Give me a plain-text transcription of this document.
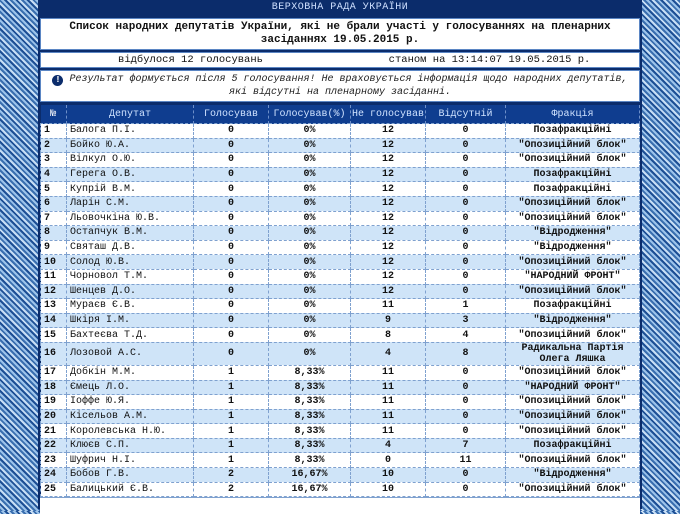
ВЕРХОВНА РАДА УКРАЇНИ
Список народних депутатів України, які не брали участі у голосуваннях на пленарних засіданнях 19.05.2015 р.
відбулося 12 голосувань	станом на 13:14:07 19.05.2015 р.
! Результат формується після 5 голосування! Не враховується інформація щодо народних депутатів, які відсутні на пленарному засіданні.
№	Депутат	Голосував	Голосував(%)	Не голосував	Відсутній	Фракція
1	Балога П.І.	0	0%	12	0	Позафракційні
2	Бойко Ю.А.	0	0%	12	0	"Опозиційний блок"
3	Вілкул О.Ю.	0	0%	12	0	"Опозиційний блок"
4	Герега О.В.	0	0%	12	0	Позафракційні
5	Купрій В.М.	0	0%	12	0	Позафракційні
6	Ларін С.М.	0	0%	12	0	"Опозиційний блок"
7	Льовочкіна Ю.В.	0	0%	12	0	"Опозиційний блок"
8	Остапчук В.М.	0	0%	12	0	"Відродження"
9	Святаш Д.В.	0	0%	12	0	"Відродження"
10	Солод Ю.В.	0	0%	12	0	"Опозиційний блок"
11	Чорновол Т.М.	0	0%	12	0	"НАРОДНИЙ ФРОНТ"
12	Шенцев Д.О.	0	0%	12	0	"Опозиційний блок"
13	Мураєв Є.В.	0	0%	11	1	Позафракційні
14	Шкіря І.М.	0	0%	9	3	"Відродження"
15	Бахтеєва Т.Д.	0	0%	8	4	"Опозиційний блок"
16	Лозовой А.С.	0	0%	4	8	Радикальна Партія Олега Ляшка
17	Добкін М.М.	1	8,33%	11	0	"Опозиційний блок"
18	Ємець Л.О.	1	8,33%	11	0	"НАРОДНИЙ ФРОНТ"
19	Іоффе Ю.Я.	1	8,33%	11	0	"Опозиційний блок"
20	Кісельов А.М.	1	8,33%	11	0	"Опозиційний блок"
21	Королевська Н.Ю.	1	8,33%	11	0	"Опозиційний блок"
22	Клюєв С.П.	1	8,33%	4	7	Позафракційні
23	Шуфрич Н.І.	1	8,33%	0	11	"Опозиційний блок"
24	Бобов Г.В.	2	16,67%	10	0	"Відродження"
25	Балицький Є.В.	2	16,67%	10	0	"Опозиційний блок"
